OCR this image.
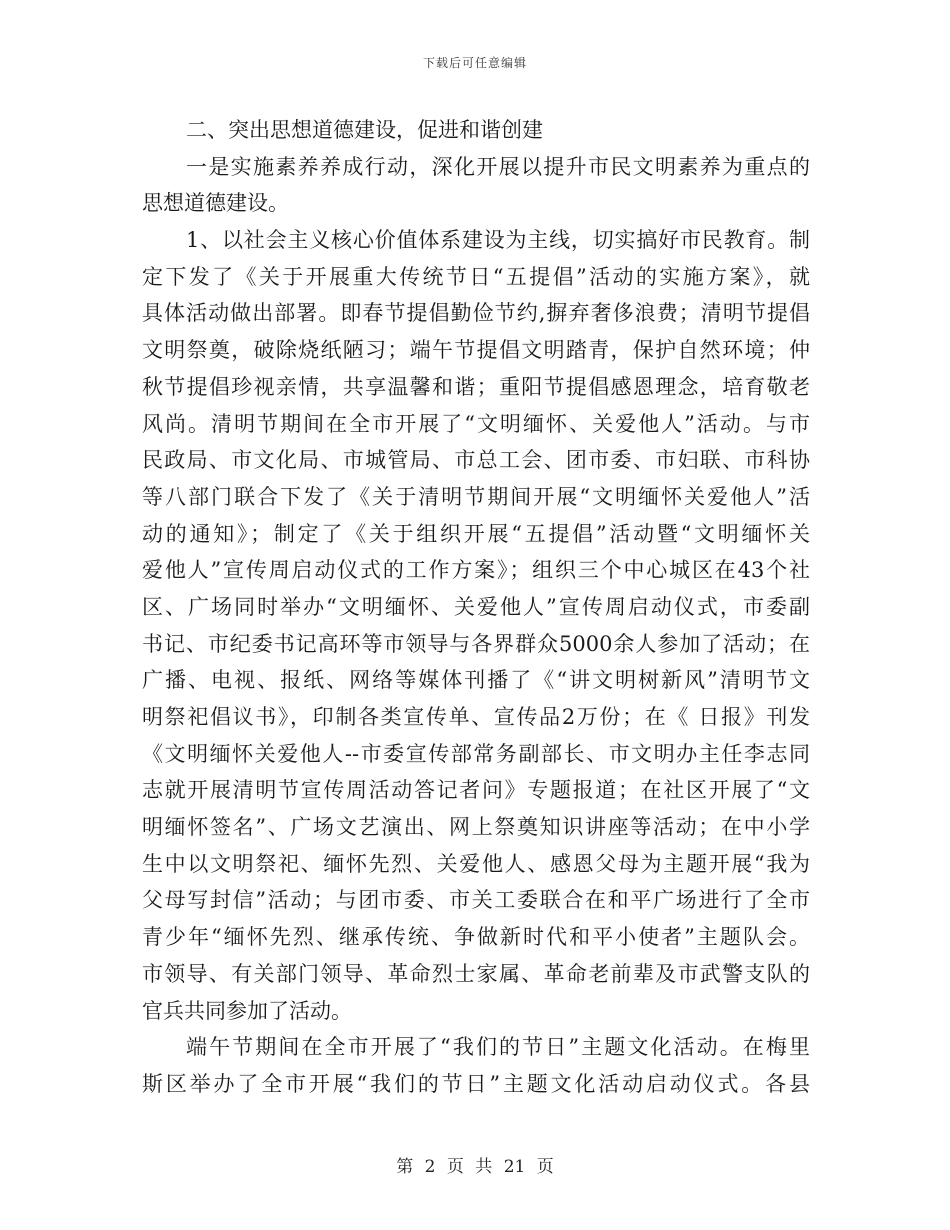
下载后可任意编辑
二、突出思想道德建设，促进和谐创建
一是实施素养养成行动，深化开展以提升市民文明素养为重点的
思想道德建设。
1、以社会主义核心价值体系建设为主线，切实搞好市民教育。制
定下发了《关于开展重大传统节日“五提倡”活动的实施方案》，就
具体活动做出部署。即春节提倡勤俭节约,摒弃奢侈浪费；清明节提倡
文明祭奠，破除烧纸陋习；端午节提倡文明踏青，保护自然环境；仲
秋节提倡珍视亲情，共享温馨和谐；重阳节提倡感恩理念，培育敬老
风尚。清明节期间在全市开展了“文明缅怀、关爱他人”活动。与市
民政局、市文化局、市城管局、市总工会、团市委、市妇联、市科协
等八部门联合下发了《关于清明节期间开展“文明缅怀关爱他人”活
动的通知》；制定了《关于组织开展“五提倡”活动暨“文明缅怀关
爱他人”宣传周启动仪式的工作方案》；组织三个中心城区在43个社
区、广场同时举办“文明缅怀、关爱他人”宣传周启动仪式，市委副
书记、市纪委书记高环等市领导与各界群众5000余人参加了活动；在
广播、电视、报纸、网络等媒体刊播了《“讲文明树新风”清明节文
明祭祀倡议书》，印制各类宣传单、宣传品2万份；在《 日报》刊发
《文明缅怀关爱他人--市委宣传部常务副部长、市文明办主任李志同
志就开展清明节宣传周活动答记者问》专题报道；在社区开展了“文
明缅怀签名”、广场文艺演出、网上祭奠知识讲座等活动；在中小学
生中以文明祭祀、缅怀先烈、关爱他人、感恩父母为主题开展“我为
父母写封信”活动；与团市委、市关工委联合在和平广场进行了全市
青少年“缅怀先烈、继承传统、争做新时代和平小使者”主题队会。
市领导、有关部门领导、革命烈士家属、革命老前辈及市武警支队的
官兵共同参加了活动。
端午节期间在全市开展了“我们的节日”主题文化活动。在梅里
斯区举办了全市开展“我们的节日”主题文化活动启动仪式。各县
第 2 页 共 21 页
